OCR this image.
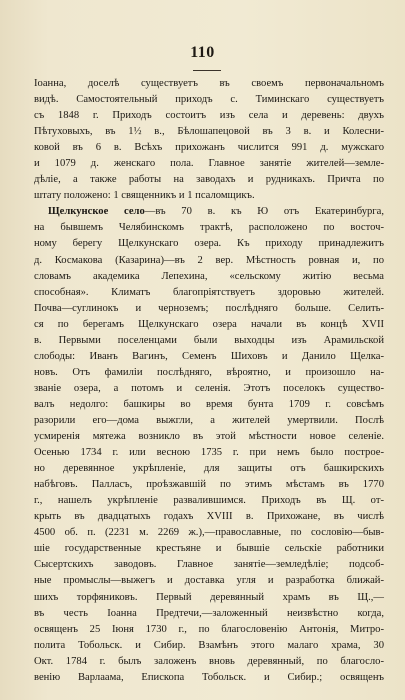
110
Іоанна, доселѣ существуетъ въ своемъ первоначальномъ
видѣ. Самостоятельный приходъ с. Тиминскаго существуетъ
съ 1848 г. Приходъ состоитъ изъ села и деревень: двухъ
Пѣтуховыхъ, въ 1½ в., Бѣлошапецовой въ 3 в. и Колесни-
ковой въ 6 в. Всѣхъ прихожанъ числится 991 д. мужскаго
и 1079 д. женскаго пола. Главное занятіе жителей—земле-
дѣліе, а также работы на заводахъ и рудникахъ. Причта по
штату положено: 1 священникъ и 1 псаломщикъ.
Щелкунское село—въ 70 в. къ Ю отъ Екатеринбурга,
на бывшемъ Челябинскомъ трактѣ, расположено по восточ-
ному берегу Щелкунскаго озера. Къ приходу принадлежитъ
д. Космакова (Казарина)—въ 2 вер. Мѣстность ровная и, по
словамъ академика Лепехина, «сельскому житію весьма
способная». Климатъ благопріятствуетъ здоровью жителей.
Почва—суглинокъ и черноземъ; послѣдняго больше. Селить-
ся по берегамъ Щелкунскаго озера начали въ концѣ XVII
в. Первыми поселенцами были выходцы изъ Арамильской
слободы: Иванъ Вагинъ, Семенъ Шиховъ и Данило Щелка-
новъ. Отъ фамиліи послѣдняго, вѣроятно, и произошло на-
званіе озера, а потомъ и селенія. Этотъ поселокъ существо-
валъ недолго: башкиры во время бунта 1709 г. совсѣмъ
разорили его—дома выжгли, а жителей умертвили. Послѣ
усмиренія мятежа возникло въ этой мѣстности новое селеніе.
Осенью 1734 г. или весною 1735 г. при немъ было построе-
но деревянное укрѣпленіе, для защиты отъ башкирскихъ
набѣговъ. Палласъ, проѣзжавшій по этимъ мѣстамъ въ 1770
г., нашелъ укрѣпленіе развалившимся. Приходъ въ Щ. от-
крыть въ двадцатыхъ годахъ XVIII в. Прихожане, въ числѣ
4500 об. п. (2231 м. 2269 ж.),—православные, по сословію—быв-
шіе государственные крестьяне и бывшіе сельскіе работники
Сысертскихъ заводовъ. Главное занятіе—земледѣліе; подсоб-
ные промыслы—выжегъ и доставка угля и разработка ближай-
шихъ торфяниковъ. Первый деревянный храмъ въ Щ.,—
въ честь Іоанна Предтечи,—заложенный неизвѣстно когда,
освященъ 25 Іюня 1730 г., по благословенію Антонія, Митро-
полита Тобольск. и Сибир. Взамѣнъ этого малаго храма, 30
Окт. 1784 г. былъ заложенъ вновь деревянный, по благосло-
венію Варлаама, Епископа Тобольск. и Сибир.; освященъ
